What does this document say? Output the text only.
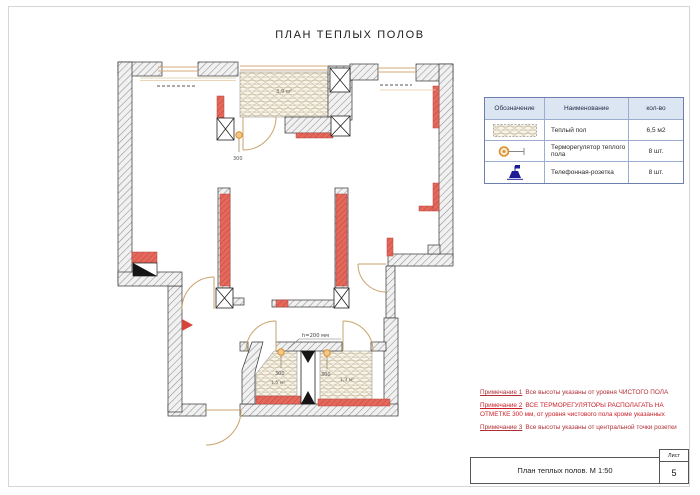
ПЛАН ТЕПЛЫХ ПОЛОВ
300
300	300
h=200 мм
3,9 м²
1,5 м²
1,3 м²
Обозначение	Наименование	кол-во
Теплый пол	6,5 м2
Терморегулятор теплого пола	8 шт.
Телефонная-розетка	8 шт.
Примечание 1 Все высоты указаны от уровня ЧИСТОГО ПОЛА
Примечание 2 ВСЕ ТЕРМОРЕГУЛЯТОРЫ РАСПОЛАГАТЬ НА ОТМЕТКЕ 300 мм, от уровня чистового пола кроме указанных
Примечание 3 Все высоты указаны от центральной точки розетки
План теплых полов. М 1:50
Лист
5
